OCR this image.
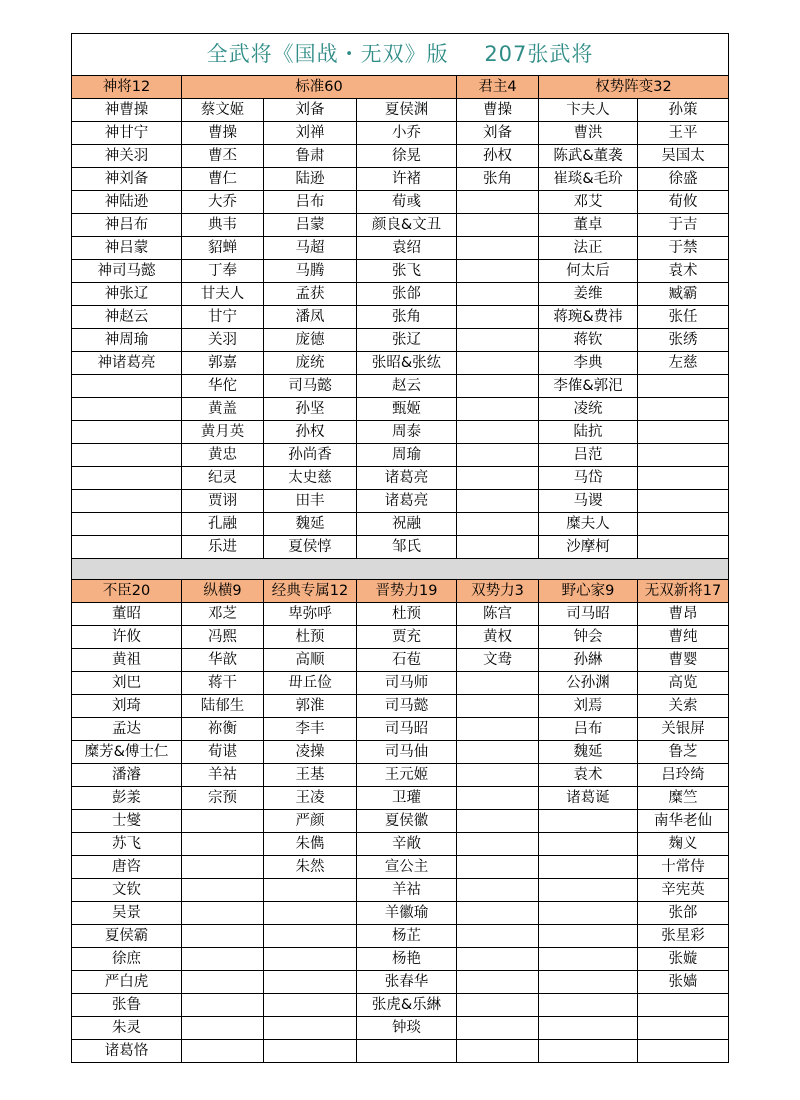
全武将《国战・无双》版 207张武将						
神将12	标准60			君主4	权势阵变32	
神曹操	蔡文姬	刘备	夏侯渊	曹操	卞夫人	孙策
神甘宁	曹操	刘禅	小乔	刘备	曹洪	王平
神关羽	曹丕	鲁肃	徐晃	孙权	陈武&董袭	吴国太
神刘备	曹仁	陆逊	许褚	张角	崔琰&毛玠	徐盛
神陆逊	大乔	吕布	荀彧		邓艾	荀攸
神吕布	典韦	吕蒙	颜良&文丑		董卓	于吉
神吕蒙	貂蝉	马超	袁绍		法正	于禁
神司马懿	丁奉	马腾	张飞		何太后	袁术
神张辽	甘夫人	孟获	张郃		姜维	臧霸
神赵云	甘宁	潘凤	张角		蒋琬&费祎	张任
神周瑜	关羽	庞德	张辽		蒋钦	张绣
神诸葛亮	郭嘉	庞统	张昭&张纮		李典	左慈
	华佗	司马懿	赵云		李傕&郭汜	
	黄盖	孙坚	甄姬		凌统	
	黄月英	孙权	周泰		陆抗	
	黄忠	孙尚香	周瑜		吕范	
	纪灵	太史慈	诸葛亮		马岱	
	贾诩	田丰	诸葛亮		马谡	
	孔融	魏延	祝融		糜夫人	
	乐进	夏侯惇	邹氏		沙摩柯	

不臣20	纵横9	经典专属12	晋势力19	双势力3	野心家9	无双新将17
董昭	邓芝	卑弥呼	杜预	陈宫	司马昭	曹昂
许攸	冯熙	杜预	贾充	黄权	钟会	曹纯
黄祖	华歆	高顺	石苞	文鸯	孙綝	曹婴
刘巴	蒋干	毌丘俭	司马师		公孙渊	高览
刘琦	陆郁生	郭淮	司马懿		刘焉	关索
孟达	祢衡	李丰	司马昭		吕布	关银屏
糜芳&傅士仁	荀谌	凌操	司马伷		魏延	鲁芝
潘濬	羊祜	王基	王元姬		袁术	吕玲绮
彭羕	宗预	王凌	卫瓘		诸葛诞	糜竺
士燮		严颜	夏侯徽			南华老仙
苏飞		朱儁	辛敞			麹义
唐咨		朱然	宣公主			十常侍
文钦			羊祜			辛宪英
吴景			羊徽瑜			张郃
夏侯霸			杨芷			张星彩
徐庶			杨艳			张嫙
严白虎			张春华			张嫱
张鲁			张虎&乐綝			
朱灵			钟琰			
诸葛恪						
